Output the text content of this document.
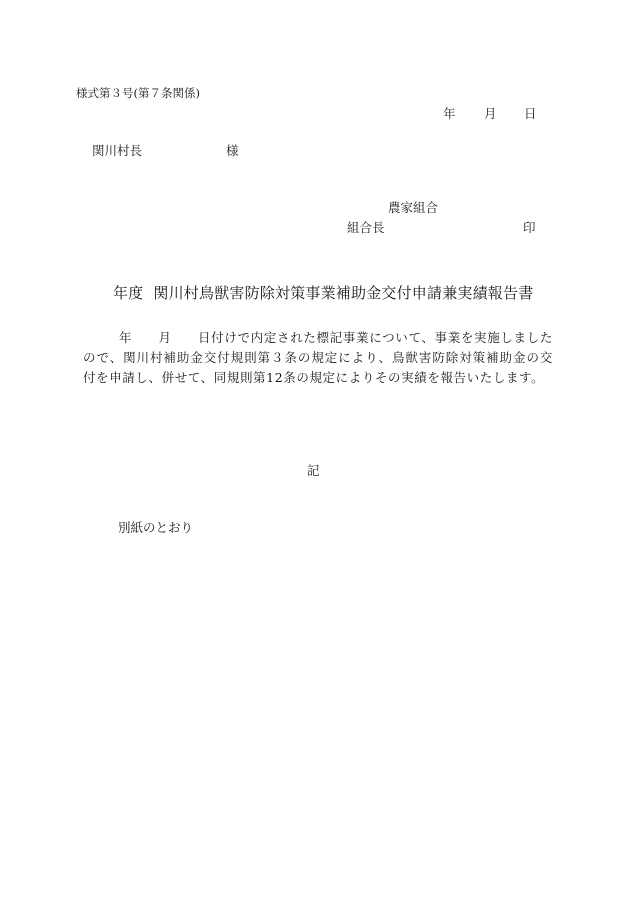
様式第３号(第７条関係)
年 月 日
関川村長	様
農家組合
組合長	印
年度 関川村鳥獣害防除対策事業補助金交付申請兼実績報告書
年　　月　　日付けで内定された標記事業について、事業を実施しましたので、関川村補助金交付規則第３条の規定により、鳥獣害防除対策補助金の交付を申請し、併せて、同規則第12条の規定によりその実績を報告いたします。
記
別紙のとおり
